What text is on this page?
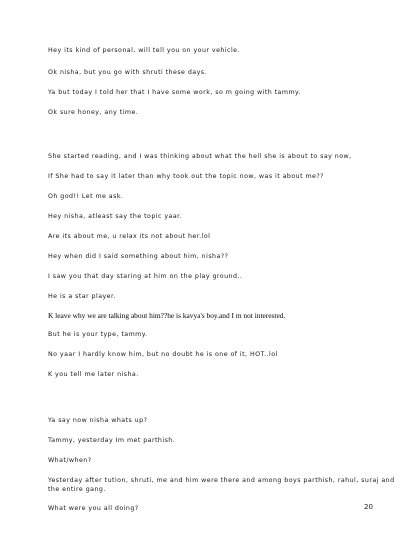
Hey its kind of personal, will tell you on your vehicle.
Ok nisha, but you go with shruti these days.
Ya but today I told her that I have some work, so m going with tammy.
Ok sure honey, any time.
She started reading, and I was thinking about what the hell she is about to say now,
If She had to say it later than why took out the topic now, was it about me??
Oh god!! Let me ask.
Hey nisha, atleast say the topic yaar.
Are its about me, u relax its not about her.lol
Hey when did I said something about him, nisha??
I saw you that day staring at him on the play ground..
He is a star player.
K leave why we are talking about him??he is kavya's boy.and I m not interested.
But he is your type, tammy.
No yaar I hardly know him, but no doubt he is one of it, HOT..lol
K you tell me later nisha.
Ya say now nisha whats up?
Tammy, yesterday Im met parthish.
What/when?
Yesterday after tution, shruti, me and him were there and among boys parthish, rahul, suraj and the entire gang.
What were you all doing?	20
